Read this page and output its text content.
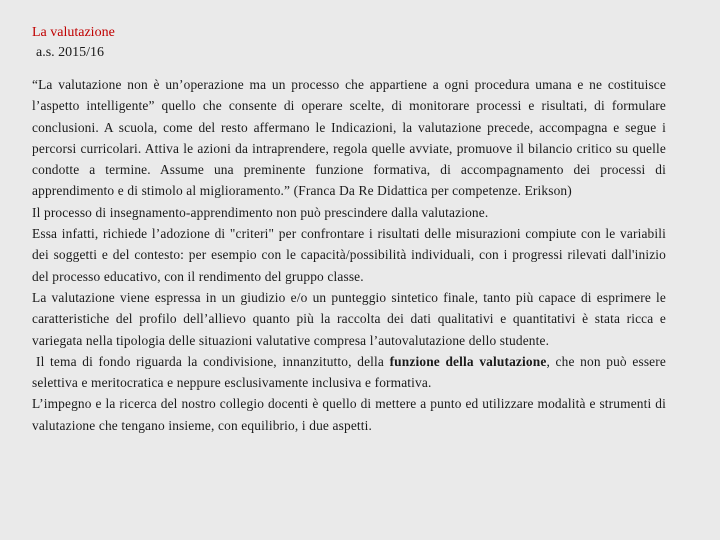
La valutazione
a.s. 2015/16

“La valutazione non è un’operazione ma un processo che appartiene a ogni procedura umana e ne costituisce l’aspetto intelligente” quello che consente di operare scelte, di monitorare processi e risultati, di formulare conclusioni. A scuola, come del resto affermano le Indicazioni, la valutazione precede, accompagna e segue i percorsi curricolari. Attiva le azioni da intraprendere, regola quelle avviate, promuove il bilancio critico su quelle condotte a termine. Assume una preminente funzione formativa, di accompagnamento dei processi di apprendimento e di stimolo al miglioramento.” (Franca Da Re Didattica per competenze. Erikson)

Il processo di insegnamento-apprendimento non può prescindere dalla valutazione.

Essa infatti, richiede l’adozione di "criteri" per confrontare i risultati delle misurazioni compiute con le variabili dei soggetti e del contesto: per esempio con le capacità/possibilità individuali, con i progressi rilevati dall'inizio del processo educativo, con il rendimento del gruppo classe.

La valutazione viene espressa in un giudizio e/o un punteggio sintetico finale, tanto più capace di esprimere le caratteristiche del profilo dell’allievo quanto più la raccolta dei dati qualitativi e quantitativi è stata ricca e variegata nella tipologia delle situazioni valutative compresa l’autovalutazione dello studente.

Il tema di fondo riguarda la condivisione, innanzitutto, della funzione della valutazione, che non può essere selettiva e meritocratica e neppure esclusivamente inclusiva e formativa.

L’impegno e la ricerca del nostro collegio docenti è quello di mettere a punto ed utilizzare modalità e strumenti di valutazione che tengano insieme, con equilibrio, i due aspetti.
